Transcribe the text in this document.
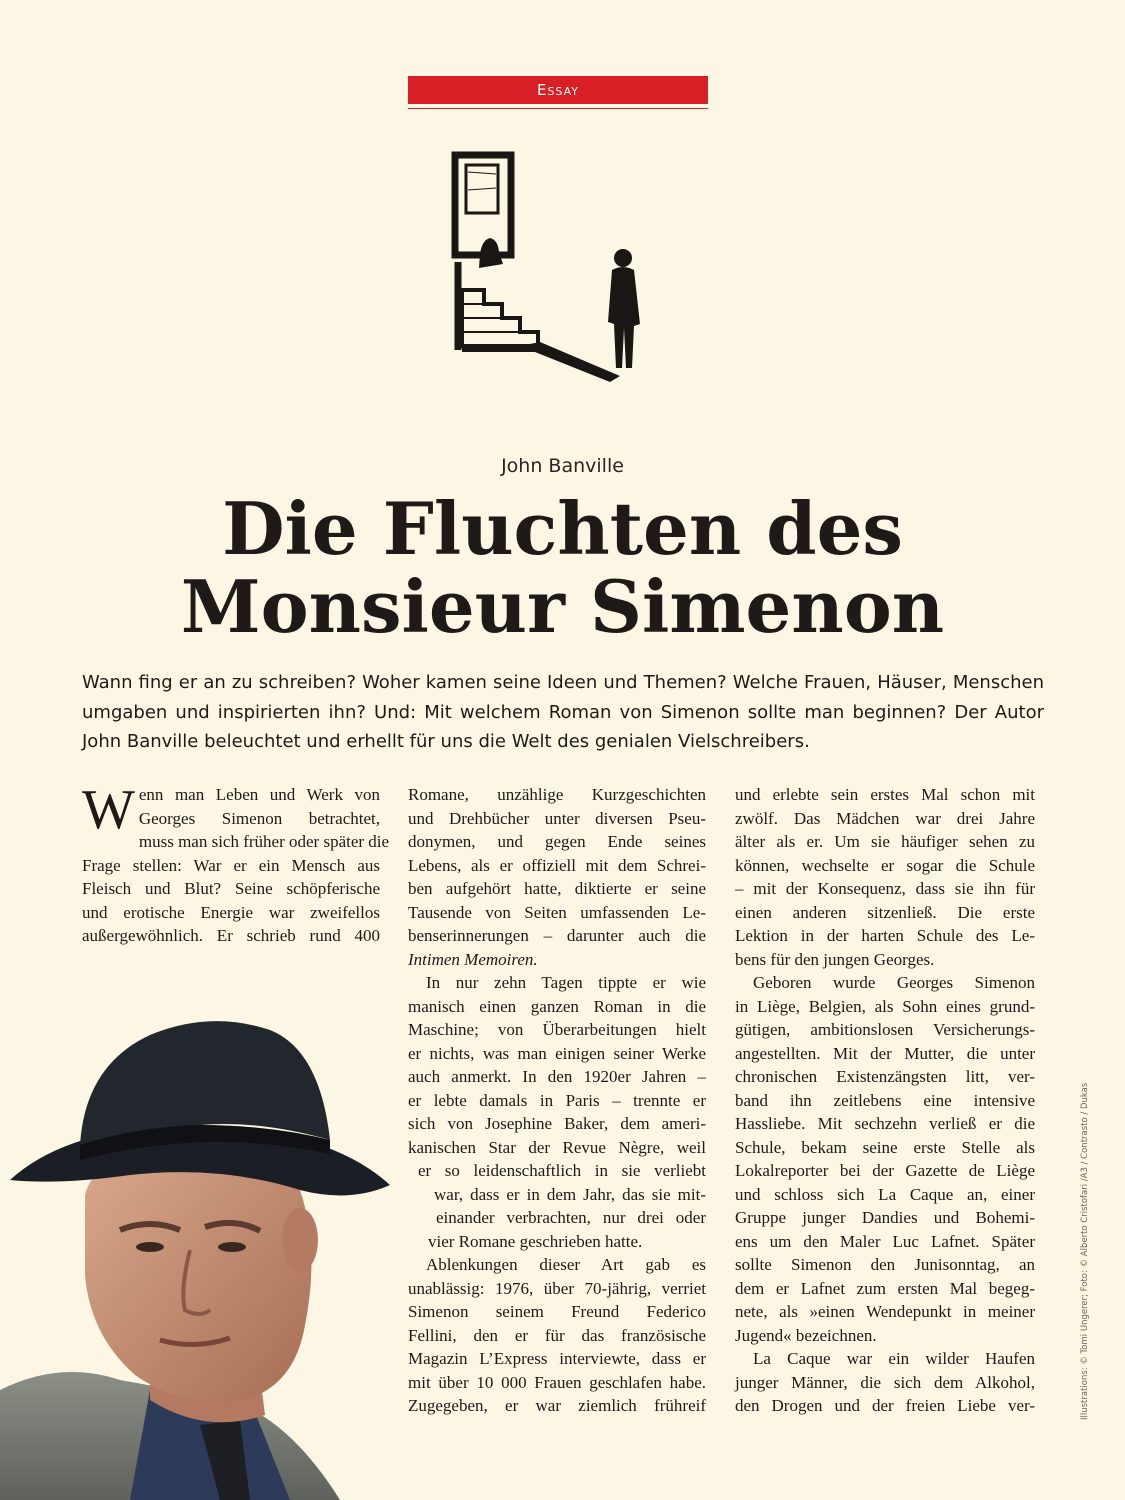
Essay
John Banville
Die Fluchten des
Monsieur Simenon
Wann fing er an zu schreiben? Woher kamen seine Ideen und Themen? Welche Frauen, Häuser, Menschen umgaben und inspirierten ihn? Und: Mit welchem Roman von Simenon sollte man beginnen? Der Autor John Banville beleuchtet und erhellt für uns die Welt des genialen Vielschreibers.
W enn man Leben und Werk von
Georges Simenon betrachtet,
muss man sich früher oder später die
Frage stellen: War er ein Mensch aus
Fleisch und Blut? Seine schöpferische
und erotische Energie war zweifellos
außergewöhnlich. Er schrieb rund 400
Romane, unzählige Kurzgeschichten
und Drehbücher unter diversen Pseu-
donymen, und gegen Ende seines
Lebens, als er offiziell mit dem Schrei-
ben aufgehört hatte, diktierte er seine
Tausende von Seiten umfassenden Le-
benserinnerungen – darunter auch die
Intimen Memoiren.
In nur zehn Tagen tippte er wie
manisch einen ganzen Roman in die
Maschine; von Überarbeitungen hielt
er nichts, was man einigen seiner Werke
auch anmerkt. In den 1920er Jahren –
er lebte damals in Paris – trennte er
sich von Josephine Baker, dem ameri-
kanischen Star der Revue Nègre, weil
er so leidenschaftlich in sie verliebt
war, dass er in dem Jahr, das sie mit-
einander verbrachten, nur drei oder
vier Romane geschrieben hatte.
Ablenkungen dieser Art gab es
unablässig: 1976, über 70-jährig, verriet
Simenon seinem Freund Federico
Fellini, den er für das französische
Magazin L’Express interviewte, dass er
mit über 10 000 Frauen geschlafen habe.
Zugegeben, er war ziemlich frühreif
und erlebte sein erstes Mal schon mit
zwölf. Das Mädchen war drei Jahre
älter als er. Um sie häufiger sehen zu
können, wechselte er sogar die Schule
– mit der Konsequenz, dass sie ihn für
einen anderen sitzenließ. Die erste
Lektion in der harten Schule des Le-
bens für den jungen Georges.
Geboren wurde Georges Simenon
in Liège, Belgien, als Sohn eines grund-
gütigen, ambitionslosen Versicherungs-
angestellten. Mit der Mutter, die unter
chronischen Existenzängsten litt, ver-
band ihn zeitlebens eine intensive
Hassliebe. Mit sechzehn verließ er die
Schule, bekam seine erste Stelle als
Lokalreporter bei der Gazette de Liège
und schloss sich La Caque an, einer
Gruppe junger Dandies und Bohemi-
ens um den Maler Luc Lafnet. Später
sollte Simenon den Junisonntag, an
dem er Lafnet zum ersten Mal begeg-
nete, als »einen Wendepunkt in meiner
Jugend« bezeichnen.
La Caque war ein wilder Haufen
junger Männer, die sich dem Alkohol,
den Drogen und der freien Liebe ver-	Illustrations: © Tomi Ungerer; Foto: © Alberto Cristofari /A3 / Contrasto / Dukas
